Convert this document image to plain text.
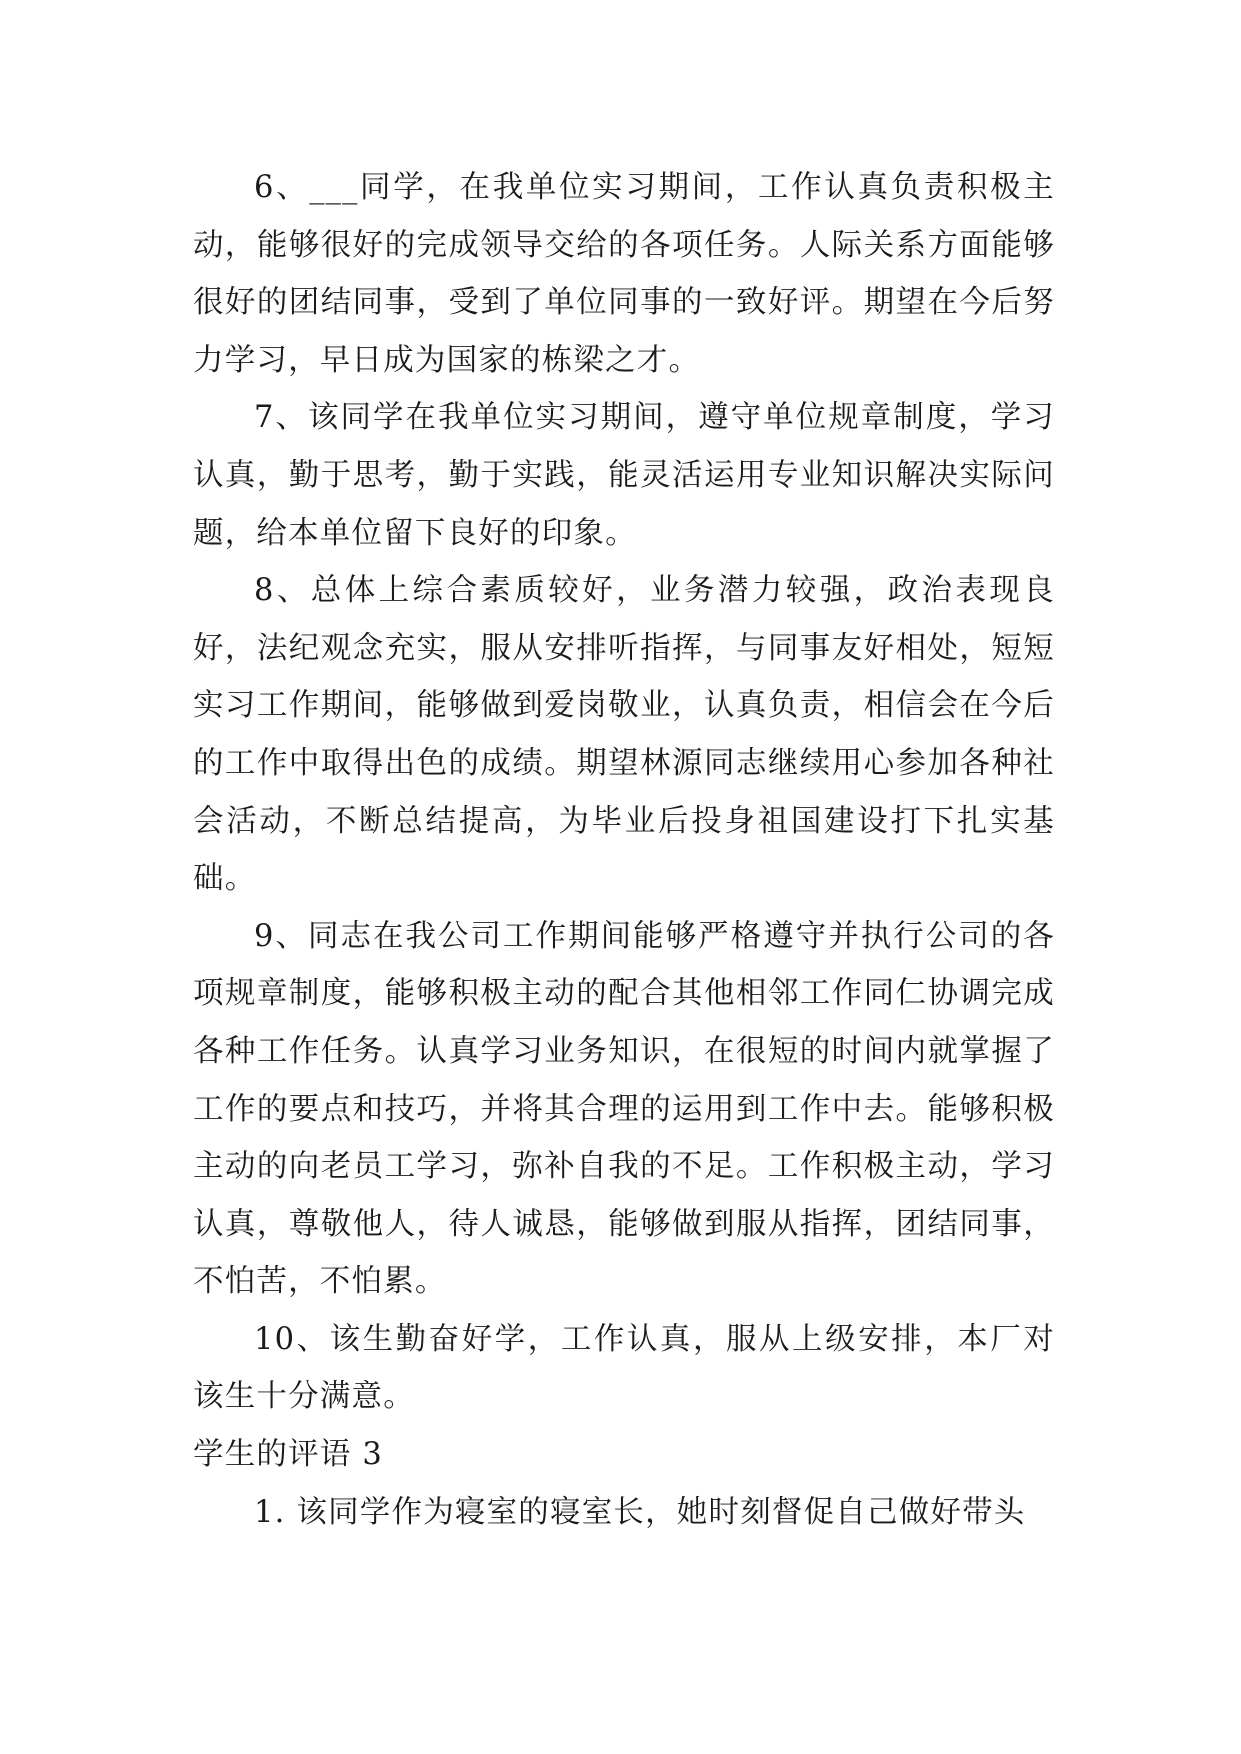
6、___同学，在我单位实习期间，工作认真负责积极主动，能够很好的完成领导交给的各项任务。人际关系方面能够很好的团结同事，受到了单位同事的一致好评。期望在今后努力学习，早日成为国家的栋梁之才。

7、该同学在我单位实习期间，遵守单位规章制度，学习认真，勤于思考，勤于实践，能灵活运用专业知识解决实际问题，给本单位留下良好的印象。

8、总体上综合素质较好，业务潜力较强，政治表现良好，法纪观念充实，服从安排听指挥，与同事友好相处，短短实习工作期间，能够做到爱岗敬业，认真负责，相信会在今后的工作中取得出色的成绩。期望林源同志继续用心参加各种社会活动，不断总结提高，为毕业后投身祖国建设打下扎实基础。

9、同志在我公司工作期间能够严格遵守并执行公司的各项规章制度，能够积极主动的配合其他相邻工作同仁协调完成各种工作任务。认真学习业务知识，在很短的时间内就掌握了工作的要点和技巧，并将其合理的运用到工作中去。能够积极主动的向老员工学习，弥补自我的不足。工作积极主动，学习认真，尊敬他人，待人诚恳，能够做到服从指挥，团结同事，不怕苦，不怕累。

10、该生勤奋好学，工作认真，服从上级安排，本厂对该生十分满意。

学生的评语 3

1. 该同学作为寝室的寝室长，她时刻督促自己做好带头
